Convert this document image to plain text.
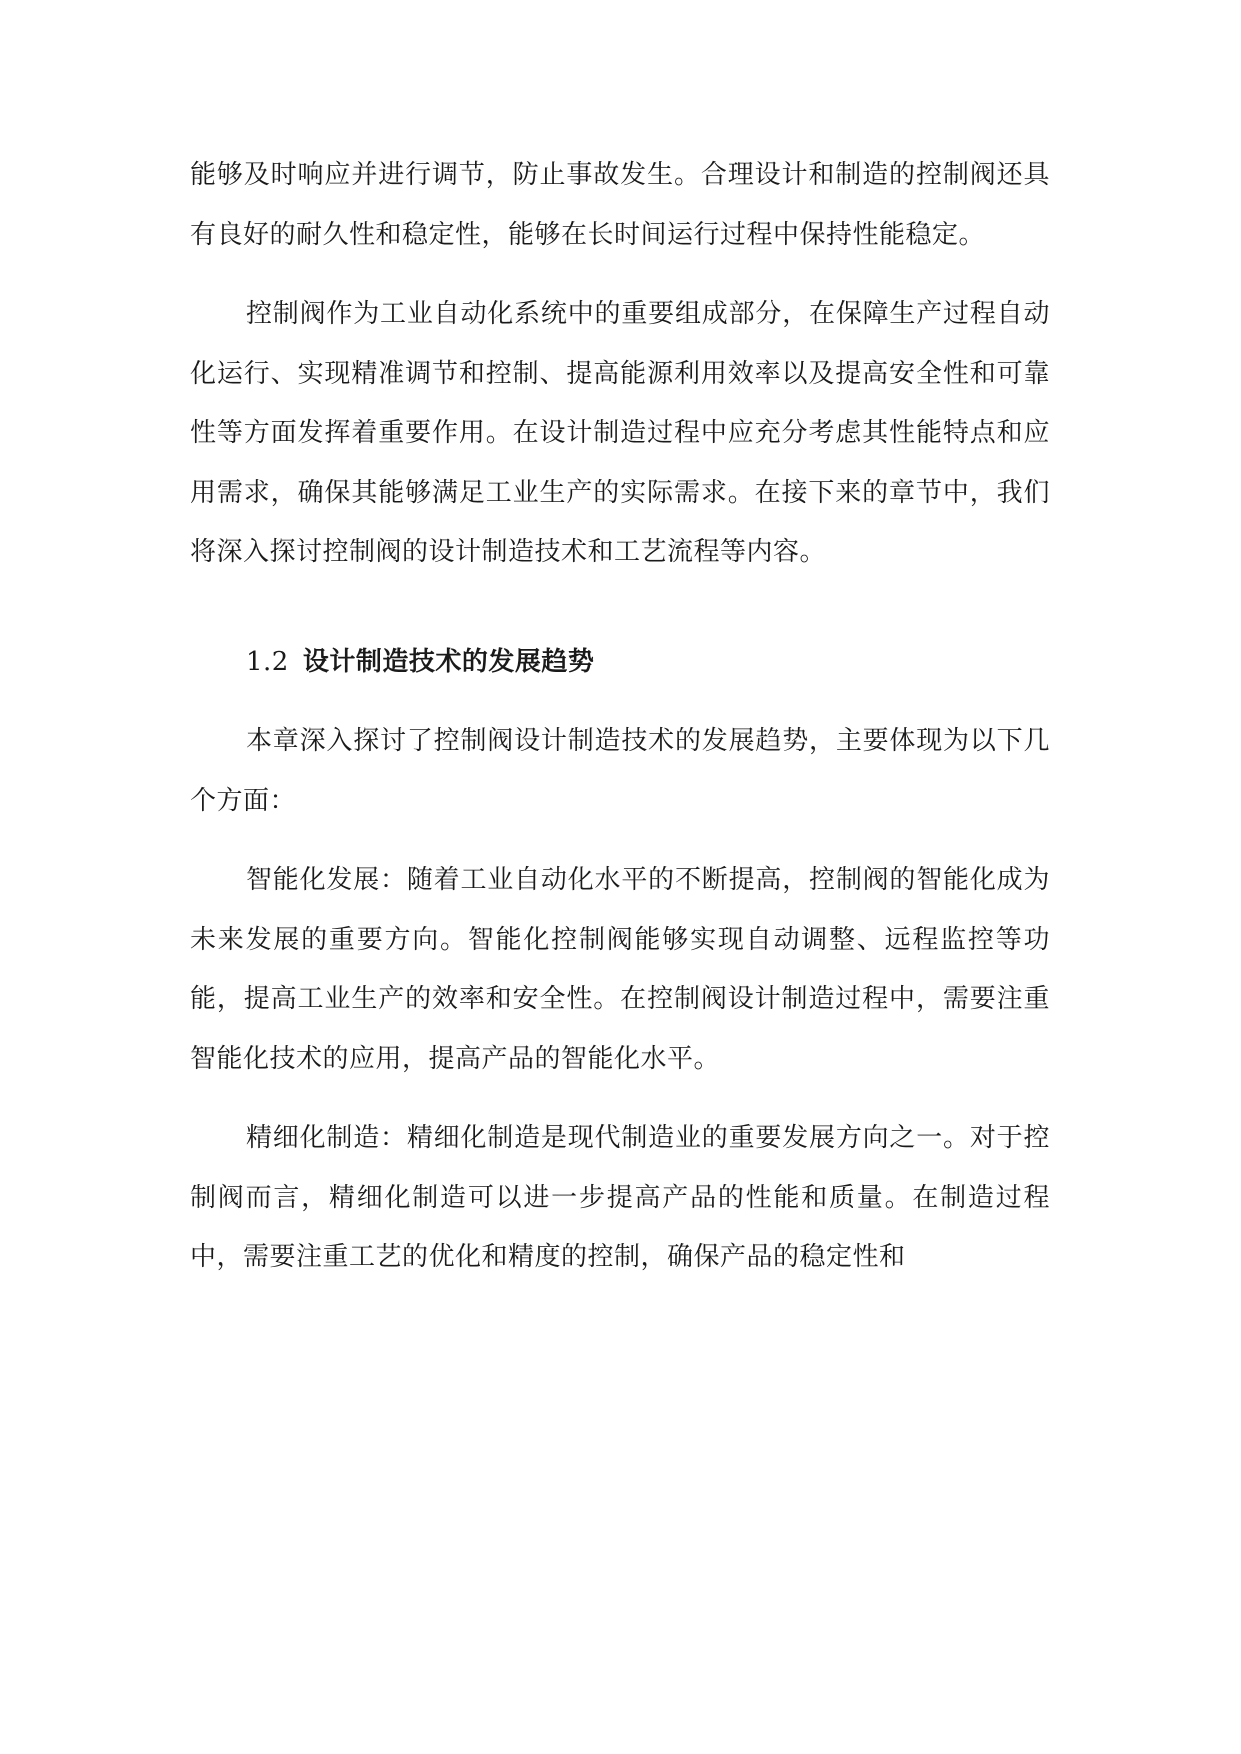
能够及时响应并进行调节，防止事故发生。合理设计和制造的控制阀还具有良好的耐久性和稳定性，能够在长时间运行过程中保持性能稳定。

控制阀作为工业自动化系统中的重要组成部分，在保障生产过程自动化运行、实现精准调节和控制、提高能源利用效率以及提高安全性和可靠性等方面发挥着重要作用。在设计制造过程中应充分考虑其性能特点和应用需求，确保其能够满足工业生产的实际需求。在接下来的章节中，我们将深入探讨控制阀的设计制造技术和工艺流程等内容。

1.2 设计制造技术的发展趋势

本章深入探讨了控制阀设计制造技术的发展趋势，主要体现为以下几个方面：

智能化发展：随着工业自动化水平的不断提高，控制阀的智能化成为未来发展的重要方向。智能化控制阀能够实现自动调整、远程监控等功能，提高工业生产的效率和安全性。在控制阀设计制造过程中，需要注重智能化技术的应用，提高产品的智能化水平。

精细化制造：精细化制造是现代制造业的重要发展方向之一。对于控制阀而言，精细化制造可以进一步提高产品的性能和质量。在制造过程中，需要注重工艺的优化和精度的控制，确保产品的稳定性和
